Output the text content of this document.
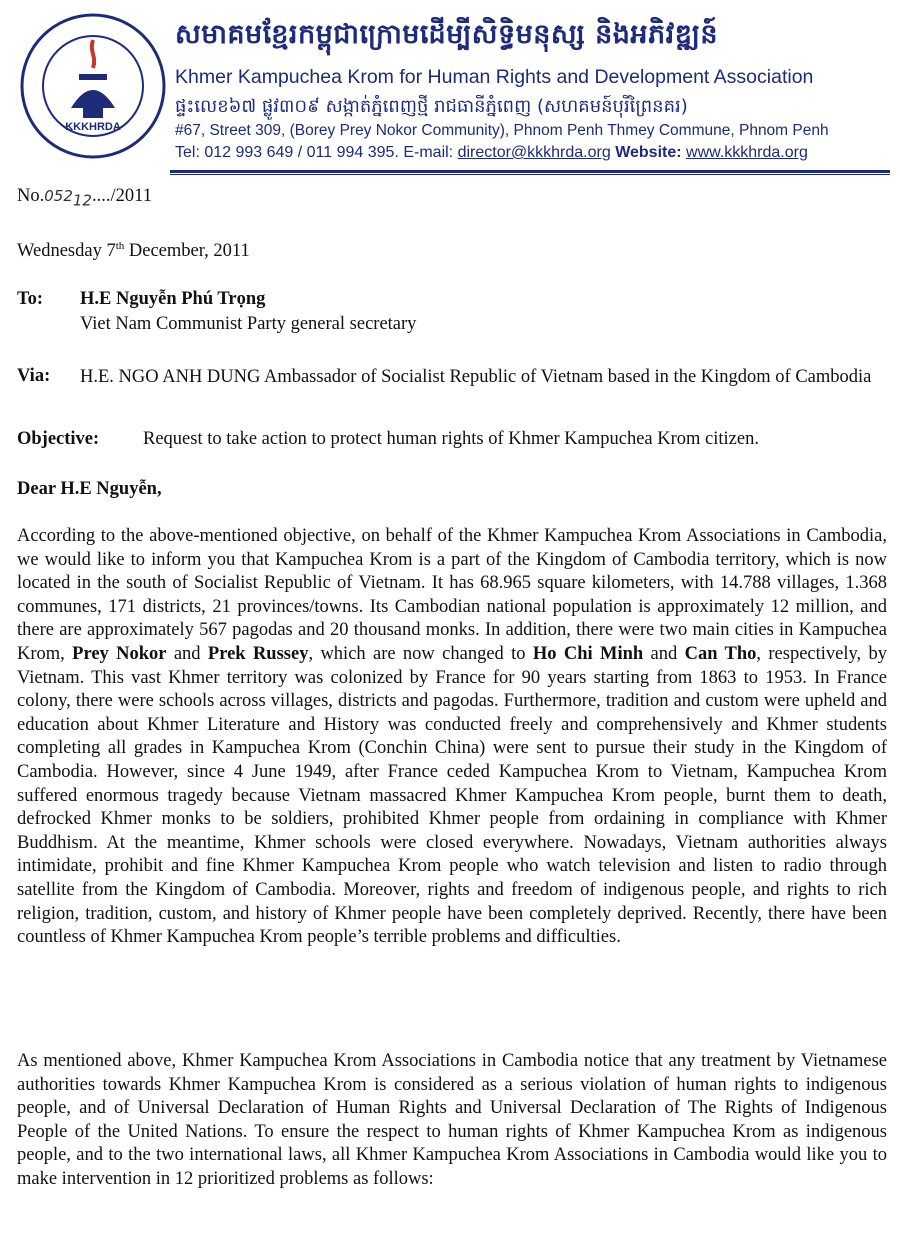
KKKHRDA
សមាគមខ្មែរកម្ពុជាក្រោមដើម្បីសិទ្ធិមនុស្ស និងអភិវឌ្ឍន៍
Khmer Kampuchea Krom for Human Rights and Development Association
ផ្ទះលេខ៦៧ ផ្លូវ៣០៩ សង្កាត់ភ្នំពេញថ្មី រាជធានីភ្នំពេញ (សហគមន៍បុរីព្រៃនគរ)
#67, Street 309, (Borey Prey Nokor Community), Phnom Penh Thmey Commune, Phnom Penh
Tel: 012 993 649 / 011 994 395. E-mail: director@kkkhrda.org Website: www.kkkhrda.org
$No.052_{12}..../2011$
Wednesday 7th December, 2011
To: H.E Nguyễn Phú Trọng
Viet Nam Communist Party general secretary
Via: H.E. NGO ANH DUNG Ambassador of Socialist Republic of Vietnam based in the Kingdom of Cambodia
Objective: Request to take action to protect human rights of Khmer Kampuchea Krom citizen.
Dear H.E Nguyễn,
According to the above-mentioned objective, on behalf of the Khmer Kampuchea Krom Associations in Cambodia, we would like to inform you that Kampuchea Krom is a part of the Kingdom of Cambodia territory, which is now located in the south of Socialist Republic of Vietnam. It has 68.965 square kilometers, with 14.788 villages, 1.368 communes, 171 districts, 21 provinces/towns. Its Cambodian national population is approximately 12 million, and there are approximately 567 pagodas and 20 thousand monks. In addition, there were two main cities in Kampuchea Krom, Prey Nokor and Prek Russey, which are now changed to Ho Chi Minh and Can Tho, respectively, by Vietnam. This vast Khmer territory was colonized by France for 90 years starting from 1863 to 1953. In France colony, there were schools across villages, districts and pagodas. Furthermore, tradition and custom were upheld and education about Khmer Literature and History was conducted freely and comprehensively and Khmer students completing all grades in Kampuchea Krom (Conchin China) were sent to pursue their study in the Kingdom of Cambodia. However, since 4 June 1949, after France ceded Kampuchea Krom to Vietnam, Kampuchea Krom suffered enormous tragedy because Vietnam massacred Khmer Kampuchea Krom people, burnt them to death, defrocked Khmer monks to be soldiers, prohibited Khmer people from ordaining in compliance with Khmer Buddhism. At the meantime, Khmer schools were closed everywhere. Nowadays, Vietnam authorities always intimidate, prohibit and fine Khmer Kampuchea Krom people who watch television and listen to radio through satellite from the Kingdom of Cambodia. Moreover, rights and freedom of indigenous people, and rights to rich religion, tradition, custom, and history of Khmer people have been completely deprived. Recently, there have been countless of Khmer Kampuchea Krom people’s terrible problems and difficulties.
As mentioned above, Khmer Kampuchea Krom Associations in Cambodia notice that any treatment by Vietnamese authorities towards Khmer Kampuchea Krom is considered as a serious violation of human rights to indigenous people, and of Universal Declaration of Human Rights and Universal Declaration of The Rights of Indigenous People of the United Nations. To ensure the respect to human rights of Khmer Kampuchea Krom as indigenous people, and to the two international laws, all Khmer Kampuchea Krom Associations in Cambodia would like you to make intervention in 12 prioritized problems as follows:
